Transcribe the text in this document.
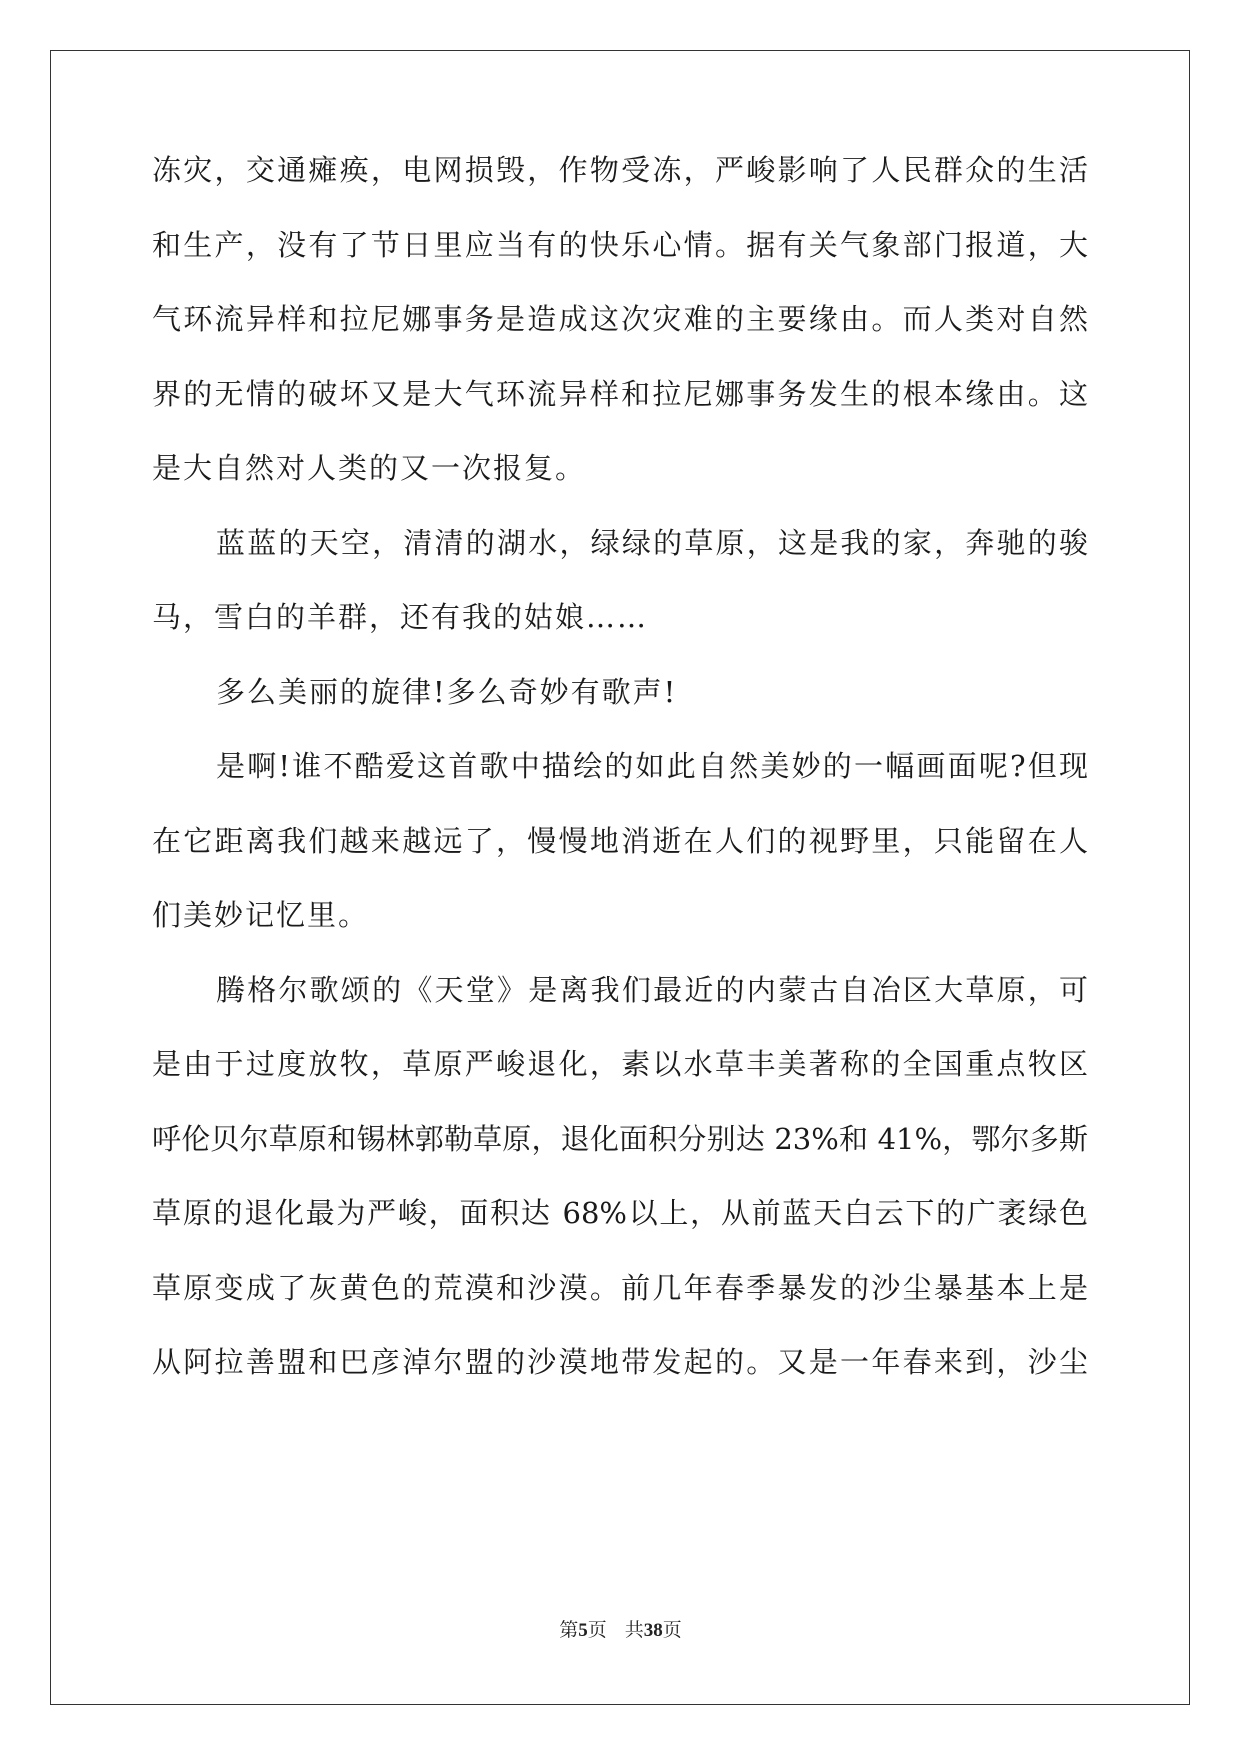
冻灾，交通瘫痪，电网损毁，作物受冻，严峻影响了人民群众的生活
和生产，没有了节日里应当有的快乐心情。据有关气象部门报道，大
气环流异样和拉尼娜事务是造成这次灾难的主要缘由。而人类对自然
界的无情的破坏又是大气环流异样和拉尼娜事务发生的根本缘由。这
是大自然对人类的又一次报复。
蓝蓝的天空，清清的湖水，绿绿的草原，这是我的家，奔驰的骏
马，雪白的羊群，还有我的姑娘……
多么美丽的旋律!多么奇妙有歌声!
是啊!谁不酷爱这首歌中描绘的如此自然美妙的一幅画面呢?但现
在它距离我们越来越远了，慢慢地消逝在人们的视野里，只能留在人
们美妙记忆里。
腾格尔歌颂的《天堂》是离我们最近的内蒙古自冶区大草原，可
是由于过度放牧，草原严峻退化，素以水草丰美著称的全国重点牧区
呼伦贝尔草原和锡林郭勒草原，退化面积分别达 23%和 41%，鄂尔多斯
草原的退化最为严峻，面积达 68%以上，从前蓝天白云下的广袤绿色
草原变成了灰黄色的荒漠和沙漠。前几年春季暴发的沙尘暴基本上是
从阿拉善盟和巴彦淖尔盟的沙漠地带发起的。又是一年春来到，沙尘
第5页 共38页
